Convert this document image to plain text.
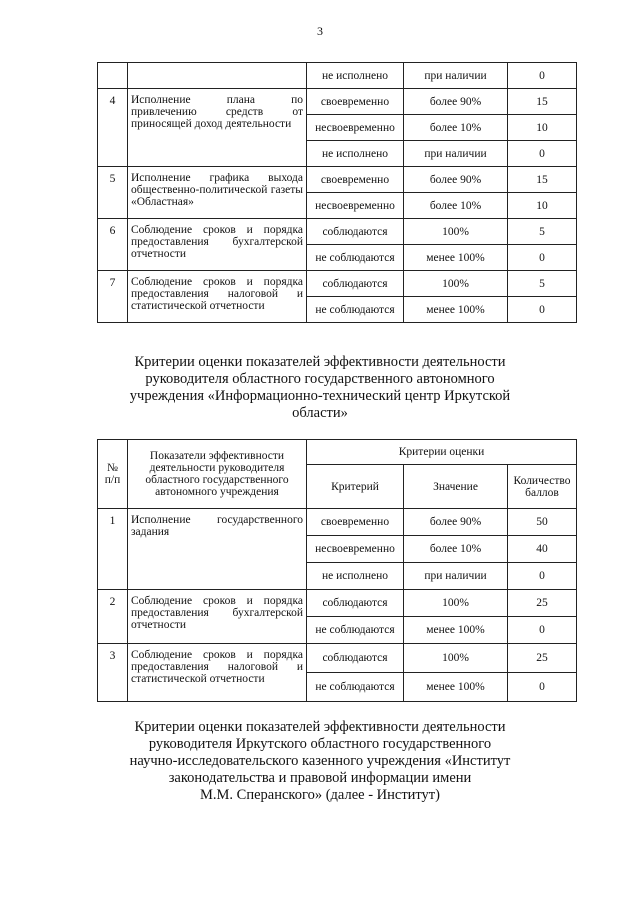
3
		не исполнено	при наличии	0
4	Исполнение плана по привлечению средств от приносящей доход деятельности	своевременно	более 90%	15
		несвоевременно	более 10%	10
		не исполнено	при наличии	0
5	Исполнение графика выхода общественно-политической газеты «Областная»	своевременно	более 90%	15
		несвоевременно	более 10%	10
6	Соблюдение сроков и порядка предоставления бухгалтерской отчетности	соблюдаются	100%	5
		не соблюдаются	менее 100%	0
7	Соблюдение сроков и порядка предоставления налоговой и статистической отчетности	соблюдаются	100%	5
		не соблюдаются	менее 100%	0
Критерии оценки показателей эффективности деятельности
руководителя областного государственного автономного
учреждения «Информационно-технический центр Иркутской
области»
№ п/п	Показатели эффективности деятельности руководителя областного государственного автономного учреждения	Критерии оценки		
		Критерий	Значение	Количество баллов
1	Исполнение государственного задания	своевременно	более 90%	50
		несвоевременно	более 10%	40
		не исполнено	при наличии	0
2	Соблюдение сроков и порядка предоставления бухгалтерской отчетности	соблюдаются	100%	25
		не соблюдаются	менее 100%	0
3	Соблюдение сроков и порядка предоставления налоговой и статистической отчетности	соблюдаются	100%	25
		не соблюдаются	менее 100%	0
Критерии оценки показателей эффективности деятельности
руководителя Иркутского областного государственного
научно-исследовательского казенного учреждения «Институт
законодательства и правовой информации имени
М.М. Сперанского» (далее - Институт)
